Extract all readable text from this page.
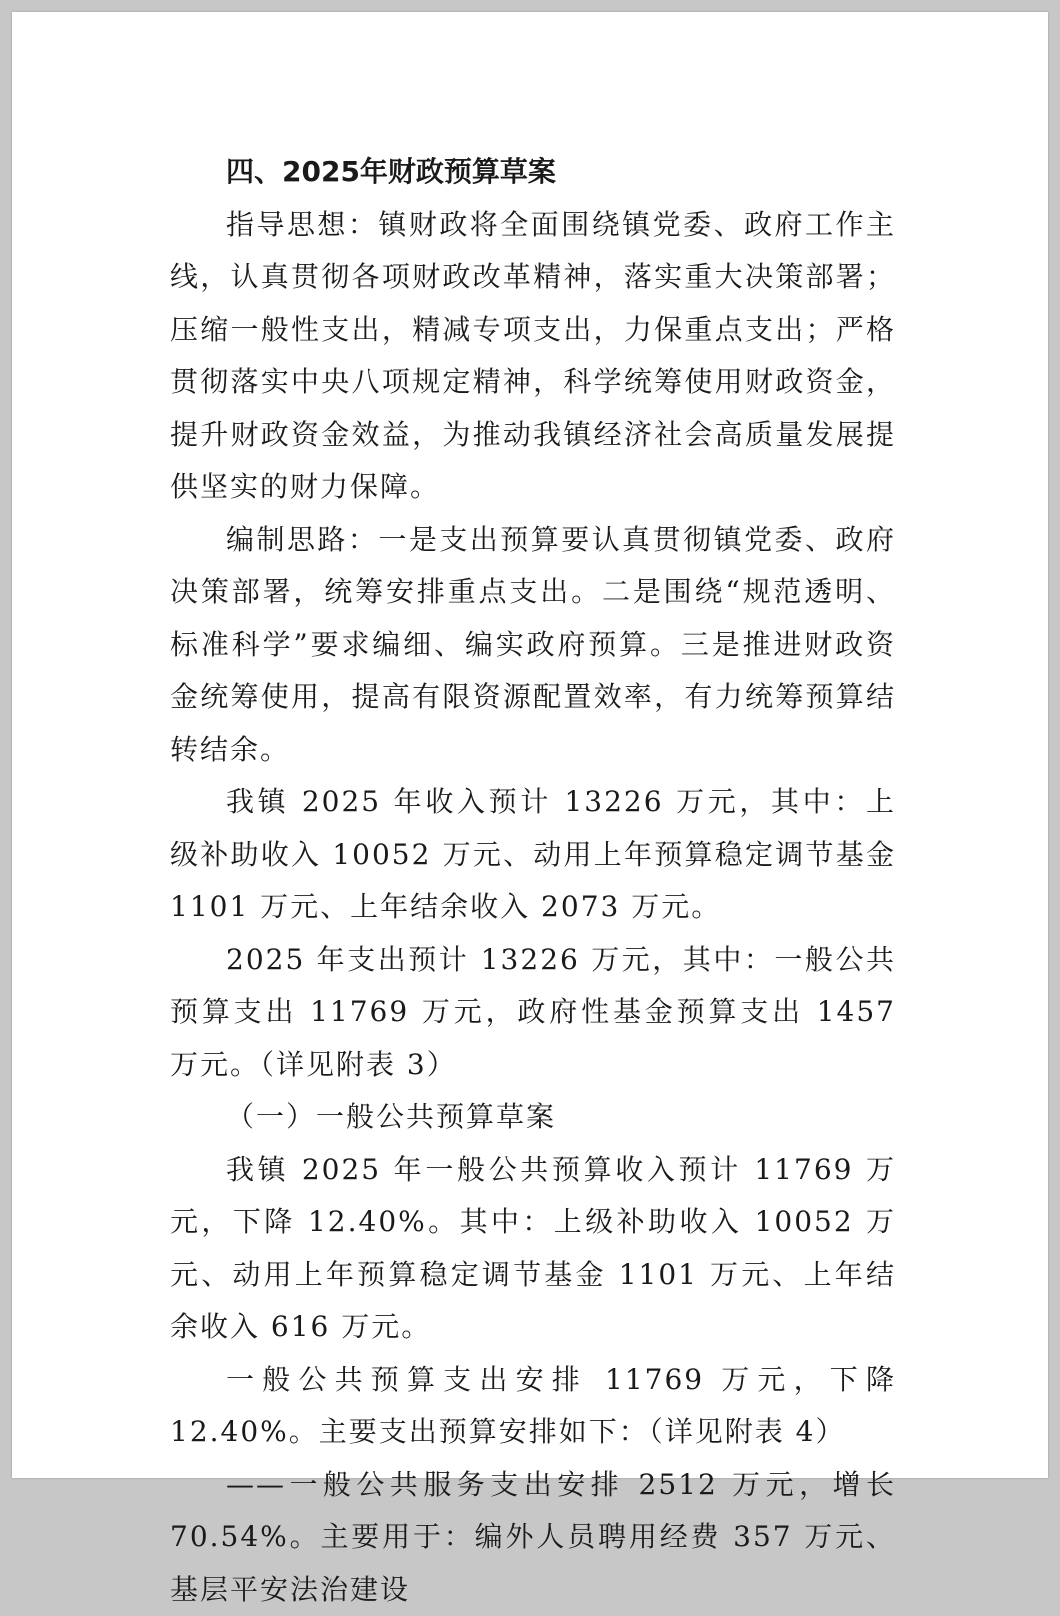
四、2025年财政预算草案

指导思想：镇财政将全面围绕镇党委、政府工作主线，认真贯彻各项财政改革精神，落实重大决策部署；压缩一般性支出，精减专项支出，力保重点支出；严格贯彻落实中央八项规定精神，科学统筹使用财政资金，提升财政资金效益，为推动我镇经济社会高质量发展提供坚实的财力保障。

编制思路：一是支出预算要认真贯彻镇党委、政府决策部署，统筹安排重点支出。二是围绕“规范透明、标准科学”要求编细、编实政府预算。三是推进财政资金统筹使用，提高有限资源配置效率，有力统筹预算结转结余。

我镇 2025 年收入预计 13226 万元，其中：上级补助收入 10052 万元、动用上年预算稳定调节基金 1101 万元、上年结余收入 2073 万元。

2025 年支出预计 13226 万元，其中：一般公共预算支出 11769 万元，政府性基金预算支出 1457 万元。（详见附表 3）

（一）一般公共预算草案

我镇 2025 年一般公共预算收入预计 11769 万元，下降 12.40%。其中：上级补助收入 10052 万元、动用上年预算稳定调节基金 1101 万元、上年结余收入 616 万元。

一般公共预算支出安排 11769 万元，下降 12.40%。主要支出预算安排如下：（详见附表 4）

——一般公共服务支出安排 2512 万元，增长 70.54%。主要用于：编外人员聘用经费 357 万元、基层平安法治建设
